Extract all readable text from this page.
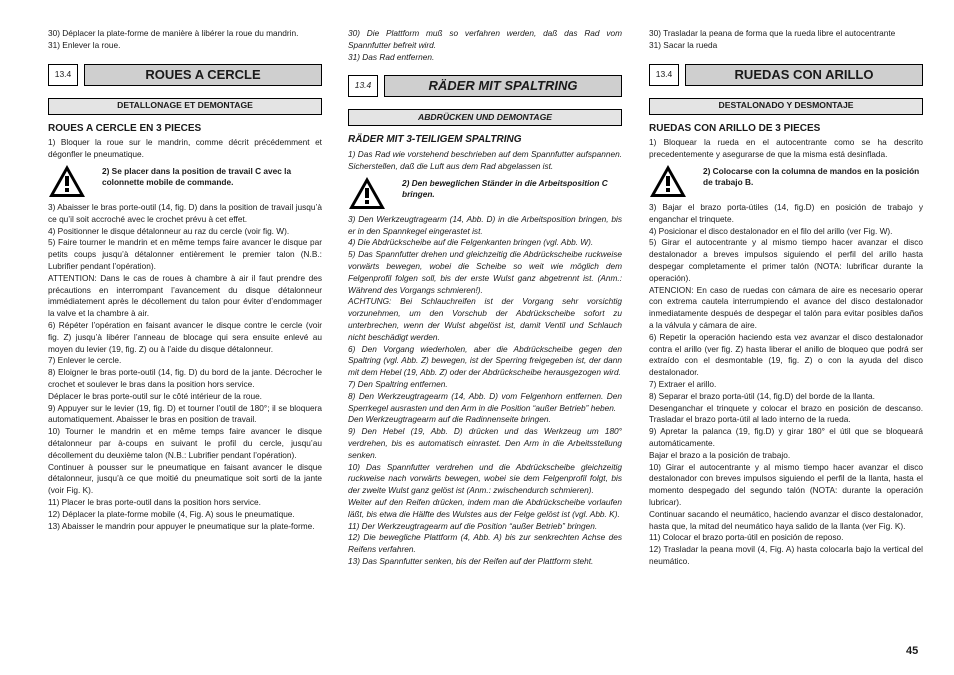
30) Déplacer la plate-forme de manière à libérer la roue du mandrin.

31) Enlever la roue.

13.4	ROUES A CERCLE
DETALLONAGE ET DEMONTAGE
ROUES A CERCLE EN 3 PIECES

1) Bloquer la roue sur le mandrin, comme décrit précédemment et dégonfler le pneumatique.

2) Se placer dans la position de travail C avec la colonnette mobile de commande.

3) Abaisser le bras porte-outil (14, fig. D) dans la position de travail jusqu’à ce qu’il soit accroché avec le crochet prévu à cet effet.

4) Positionner le disque détalonneur au raz du cercle (voir fig. W).

5) Faire tourner le mandrin et en même temps faire avancer le disque par petits coups jusqu’à détalonner entièrement le premier talon (N.B.: Lubrifier pendant l’opération).

ATTENTION: Dans le cas de roues à chambre à air il faut prendre des précautions en interrompant l’avancement du disque détalonneur immédiatement après le décollement du talon pour éviter d’endommager la valve et la chambre à air.

6) Répéter l’opération en faisant avancer le disque contre le cercle (voir fig. Z) jusqu’à libérer l’anneau de blocage qui sera ensuite enlevé au moyen du levier (19, fig. Z) ou à l’aide du disque détalonneur.

7) Enlever le cercle.

8) Eloigner le bras porte-outil (14, fig. D) du bord de la jante. Décrocher le crochet et soulever le bras dans la position hors service.

Déplacer le bras porte-outil sur le côté intérieur de la roue.

9) Appuyer sur le levier (19, fig. D) et tourner l’outil de 180°; il se bloquera automatiquement. Abaisser le bras en position de travail.

10) Tourner le mandrin et en même temps faire avancer le disque détalonneur par à-coups en suivant le profil du cercle, jusqu’au décollement du deuxième talon (N.B.: Lubrifier pendant l’opération).

Continuer à pousser sur le pneumatique en faisant avancer le disque détalonneur, jusqu’à ce que moitié du pneumatique soit sorti de la jante (voir Fig. K).

11) Placer le bras porte-outil dans la position hors service.

12) Déplacer la plate-forme mobile (4, Fig. A) sous le pneumatique.

13) Abaisser le mandrin pour appuyer le pneumatique sur la plate-forme.

30) Die Plattform muß so verfahren werden, daß das Rad vom Spannfutter befreit wird.

31) Das Rad entfernen.

13.4	RÄDER MIT SPALTRING
ABDRÜCKEN UND DEMONTAGE
RÄDER MIT 3-TEILIGEM SPALTRING

1) Das Rad wie vorstehend beschrieben auf dem Spannfutter aufspannen. Sicherstellen, daß die Luft aus dem Rad abgelassen ist.

2) Den beweglichen Ständer in die Arbeitsposition C bringen.

3) Den Werkzeugtragearm (14, Abb. D) in die Arbeitsposition bringen, bis er in den Spannkegel eingerastet ist.

4) Die Abdrückscheibe auf die Felgenkanten bringen (vgl. Abb. W).

5) Das Spannfutter drehen und gleichzeitig die Abdrückscheibe ruckweise vorwärts bewegen, wobei die Scheibe so weit wie möglich dem Felgenprofil folgen soll, bis der erste Wulst ganz abgetrennt ist. (Anm.: Während des Vorgangs schmieren!).

ACHTUNG: Bei Schlauchreifen ist der Vorgang sehr vorsichtig vorzunehmen, um den Vorschub der Abdrückscheibe sofort zu unterbrechen, wenn der Wulst abgelöst ist, damit Ventil und Schlauch nicht beschädigt werden.

6) Den Vorgang wiederholen, aber die Abdrückscheibe gegen den Spaltring (vgl. Abb. Z) bewegen, ist der Sperring freigegeben ist, der dann mit dem Hebel (19, Abb. Z) oder der Abdrückscheibe herausgezogen wird.

7) Den Spaltring entfernen.

8) Den Werkzeugtragearm (14, Abb. D) vom Felgenhorn entfernen. Den Sperrkegel ausrasten und den Arm in die Position “außer Betrieb” heben.

Den Werkzeugtragearm auf die Radinnenseite bringen.

9) Den Hebel (19, Abb. D) drücken und das Werkzeug um 180° verdrehen, bis es automatisch einrastet. Den Arm in die Arbeitsstellung senken.

10) Das Spannfutter verdrehen und die Abdrückscheibe gleichzeitig ruckweise nach vorwärts bewegen, wobei sie dem Felgenprofil folgt, bis der zweite Wulst ganz gelöst ist (Anm.: zwischendurch schmieren).

Weiter auf den Reifen drücken, indem man die Abdrückscheibe vorlaufen läßt, bis etwa die Hälfte des Wulstes aus der Felge gelöst ist (vgl. Abb. K).

11) Der Werkzeugtragearm auf die Position “außer Betrieb” bringen.

12) Die bewegliche Plattform (4, Abb. A) bis zur senkrechten Achse des Reifens verfahren.

13) Das Spannfutter senken, bis der Reifen auf der Plattform steht.

30) Trasladar la peana de forma que la rueda libre el autocentrante

31) Sacar la rueda

13.4	RUEDAS CON ARILLO
DESTALONADO Y DESMONTAJE
RUEDAS CON ARILLO DE 3 PIECES

1) Bloquear la rueda en el autocentrante como se ha descrito precedentemente y asegurarse de que la misma está desinflada.

2) Colocarse con la columna de mandos en la posición de trabajo B.

3) Bajar el brazo porta-útiles (14, fig.D) en posición de trabajo y enganchar el trinquete.

4) Posicionar el disco destalonador en el filo del arillo (ver Fig. W).

5) Girar el autocentrante y al mismo tiempo hacer avanzar el disco destalonador a breves impulsos siguiendo el perfil del arillo hasta despegar completamente el primer talón (NOTA: lubrificar durante la operación).

ATENCION: En caso de ruedas con cámara de aire es necesario operar con extrema cautela interrumpiendo el avance del disco destalonador inmediatamente después de despegar el talón para evitar posibles daños a la válvula y cámara de aire.

6) Repetir la operación haciendo esta vez avanzar el disco destalonador contra el arillo (ver fig. Z) hasta liberar el anillo de bloqueo que podrá ser extraído con el desmontable (19, fig. Z) o con la ayuda del disco destalonador.

7) Extraer el arillo.

8) Separar el brazo porta-útil (14, fig.D) del borde de la llanta.

Desenganchar el trinquete y colocar el brazo en posición de descanso. Trasladar el brazo porta-útil al lado interno de la rueda.

9) Apretar la palanca (19, fig.D) y girar 180° el útil que se bloqueará automáticamente.

Bajar el brazo a la posición de trabajo.

10) Girar el autocentrante y al mismo tiempo hacer avanzar el disco destalonador con breves impulsos siguiendo el perfil de la llanta, hasta el momento despegado del segundo talón (NOTA: durante la operación lubricar).

Continuar sacando el neumático, haciendo avanzar el disco destalonador, hasta que, la mitad del neumático haya salido de la llanta (ver Fig. K).

11) Colocar el brazo porta-útil en posición de reposo.

12) Trasladar la peana movil (4, Fig. A) hasta colocarla bajo la vertical del neumático.

45
